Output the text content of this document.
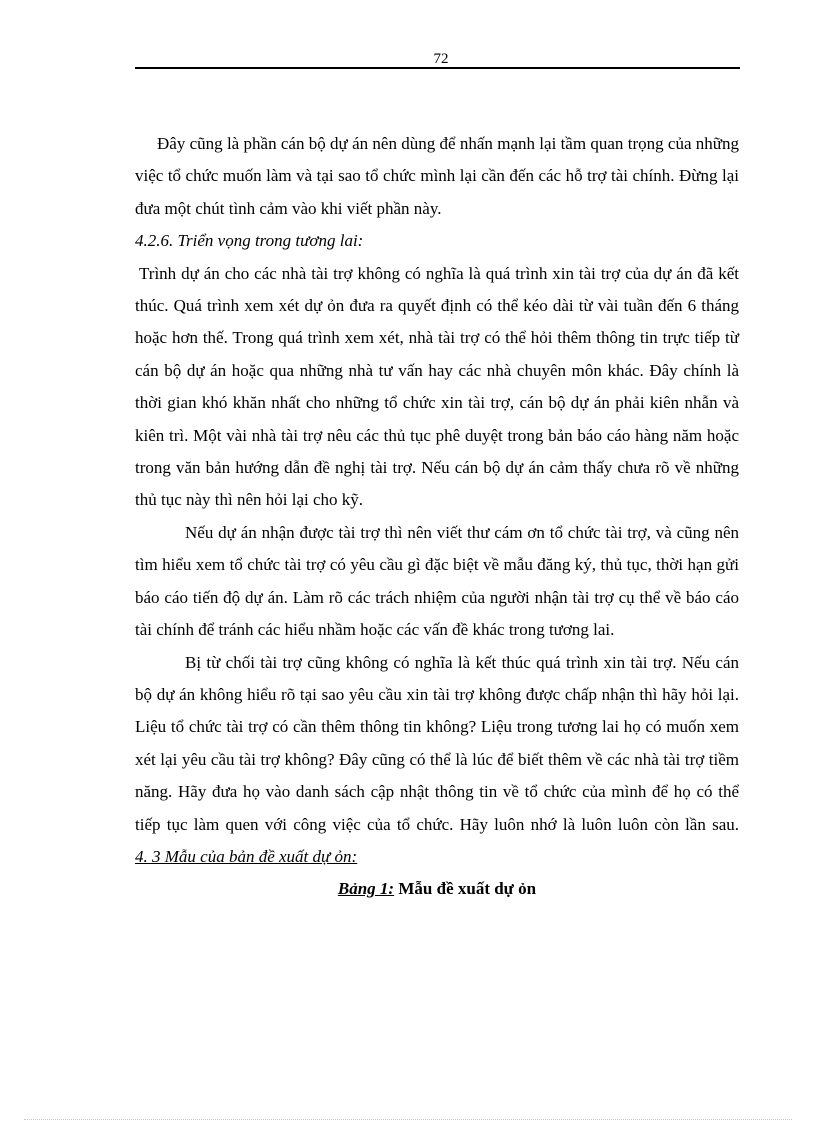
72

Đây cũng là phần cán bộ dự án nên dùng để nhấn mạnh lại tầm quan trọng của những việc tổ chức muốn làm và tại sao tổ chức mình lại cần đến các hỗ trợ tài chính. Đừng lại đưa một chút tình cảm vào khi viết phần này.

4.2.6. Triển vọng trong tương lai:

Trình dự án cho các nhà tài trợ không có nghĩa là quá trình xin tài trợ của dự án đã kết thúc. Quá trình xem xét dự ỏn đưa ra quyết định có thể kéo dài từ vài tuần đến 6 tháng hoặc hơn thế. Trong quá trình xem xét, nhà tài trợ có thể hỏi thêm thông tin trực tiếp từ cán bộ dự án hoặc qua những nhà tư vấn hay các nhà chuyên môn khác. Đây chính là thời gian khó khăn nhất cho những tổ chức xin tài trợ, cán bộ dự án phải kiên nhẫn và kiên trì. Một vài nhà tài trợ nêu các thủ tục phê duyệt trong bản báo cáo hàng năm hoặc trong văn bản hướng dẫn đề nghị tài trợ. Nếu cán bộ dự án cảm thấy chưa rõ về những thủ tục này thì nên hỏi lại cho kỹ.

Nếu dự án nhận được tài trợ thì nên viết thư cám ơn tổ chức tài trợ, và cũng nên tìm hiểu xem tổ chức tài trợ có yêu cầu gì đặc biệt về mẫu đăng ký, thủ tục, thời hạn gửi báo cáo tiến độ dự án. Làm rõ các trách nhiệm của người nhận tài trợ cụ thể về báo cáo tài chính để tránh các hiểu nhầm hoặc các vấn đề khác trong tương lai.

Bị từ chối tài trợ cũng không có nghĩa là kết thúc quá trình xin tài trợ. Nếu cán bộ dự án không hiểu rõ tại sao yêu cầu xin tài trợ không được chấp nhận thì hãy hỏi lại. Liệu tổ chức tài trợ có cần thêm thông tin không? Liệu trong tương lai họ có muốn xem xét lại yêu cầu tài trợ không? Đây cũng có thể là lúc để biết thêm về các nhà tài trợ tiềm năng. Hãy đưa họ vào danh sách cập nhật thông tin về tổ chức của mình để họ có thể tiếp tục làm quen với công việc của tổ chức. Hãy luôn nhớ là luôn luôn còn lần sau.

4. 3 Mẫu của bản đề xuất dự ỏn:

Bảng 1: Mẫu đề xuất dự ỏn
